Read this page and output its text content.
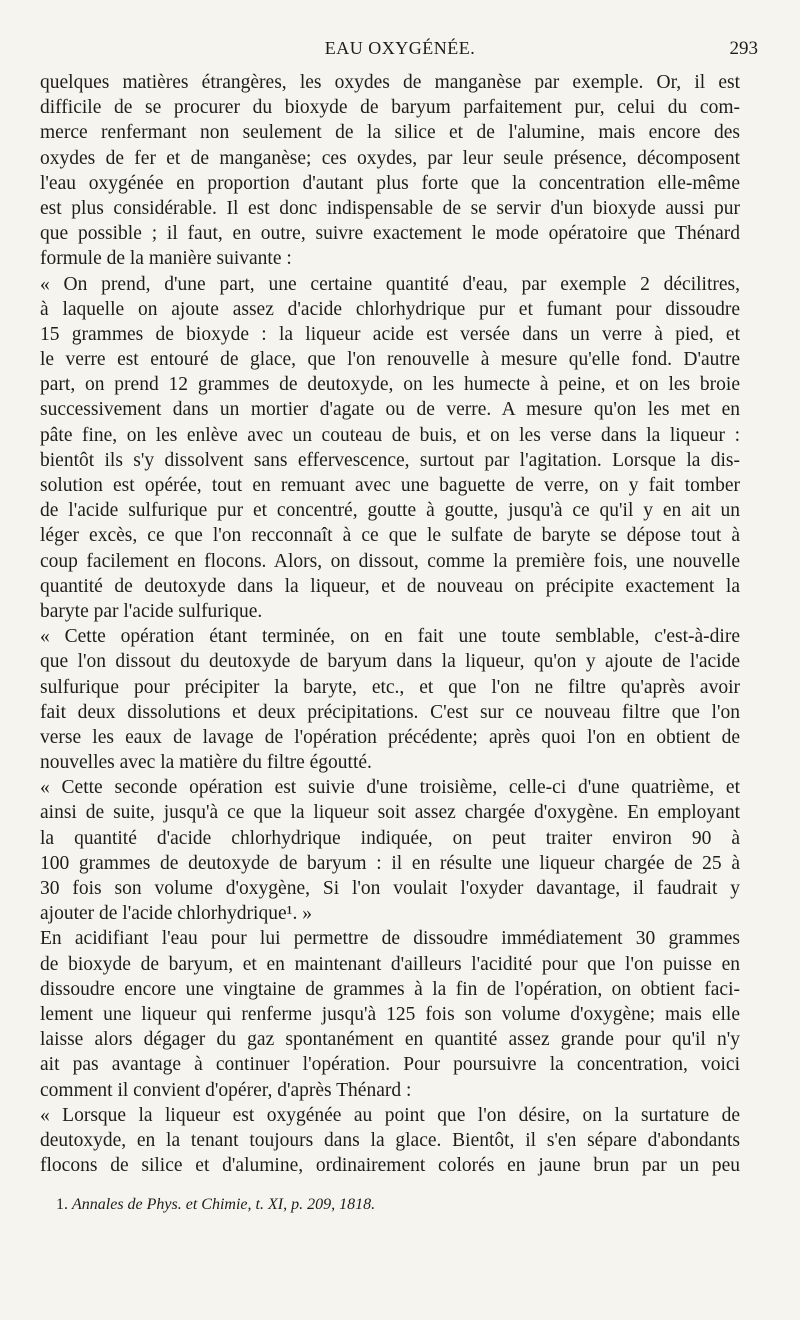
EAU OXYGÉNÉE.	293
quelques matières étrangères, les oxydes de manganèse par exemple. Or, il est
difficile de se procurer du bioxyde de baryum parfaitement pur, celui du com-
merce renfermant non seulement de la silice et de l'alumine, mais encore des
oxydes de fer et de manganèse; ces oxydes, par leur seule présence, décomposent
l'eau oxygénée en proportion d'autant plus forte que la concentration elle-même
est plus considérable. Il est donc indispensable de se servir d'un bioxyde aussi pur
que possible ; il faut, en outre, suivre exactement le mode opératoire que Thénard
formule de la manière suivante :
« On prend, d'une part, une certaine quantité d'eau, par exemple 2 décilitres,
à laquelle on ajoute assez d'acide chlorhydrique pur et fumant pour dissoudre
15 grammes de bioxyde : la liqueur acide est versée dans un verre à pied, et
le verre est entouré de glace, que l'on renouvelle à mesure qu'elle fond. D'autre
part, on prend 12 grammes de deutoxyde, on les humecte à peine, et on les broie
successivement dans un mortier d'agate ou de verre. A mesure qu'on les met en
pâte fine, on les enlève avec un couteau de buis, et on les verse dans la liqueur :
bientôt ils s'y dissolvent sans effervescence, surtout par l'agitation. Lorsque la dis-
solution est opérée, tout en remuant avec une baguette de verre, on y fait tomber
de l'acide sulfurique pur et concentré, goutte à goutte, jusqu'à ce qu'il y en ait un
léger excès, ce que l'on recconnaît à ce que le sulfate de baryte se dépose tout à
coup facilement en flocons. Alors, on dissout, comme la première fois, une nouvelle
quantité de deutoxyde dans la liqueur, et de nouveau on précipite exactement la
baryte par l'acide sulfurique.
« Cette opération étant terminée, on en fait une toute semblable, c'est-à-dire
que l'on dissout du deutoxyde de baryum dans la liqueur, qu'on y ajoute de l'acide
sulfurique pour précipiter la baryte, etc., et que l'on ne filtre qu'après avoir
fait deux dissolutions et deux précipitations. C'est sur ce nouveau filtre que l'on
verse les eaux de lavage de l'opération précédente; après quoi l'on en obtient de
nouvelles avec la matière du filtre égoutté.
« Cette seconde opération est suivie d'une troisième, celle-ci d'une quatrième, et
ainsi de suite, jusqu'à ce que la liqueur soit assez chargée d'oxygène. En employant
la quantité d'acide chlorhydrique indiquée, on peut traiter environ 90 à
100 grammes de deutoxyde de baryum : il en résulte une liqueur chargée de 25 à
30 fois son volume d'oxygène, Si l'on voulait l'oxyder davantage, il faudrait y
ajouter de l'acide chlorhydrique¹. »
En acidifiant l'eau pour lui permettre de dissoudre immédiatement 30 grammes
de bioxyde de baryum, et en maintenant d'ailleurs l'acidité pour que l'on puisse en
dissoudre encore une vingtaine de grammes à la fin de l'opération, on obtient faci-
lement une liqueur qui renferme jusqu'à 125 fois son volume d'oxygène; mais elle
laisse alors dégager du gaz spontanément en quantité assez grande pour qu'il n'y
ait pas avantage à continuer l'opération. Pour poursuivre la concentration, voici
comment il convient d'opérer, d'après Thénard :
« Lorsque la liqueur est oxygénée au point que l'on désire, on la surtature de
deutoxyde, en la tenant toujours dans la glace. Bientôt, il s'en sépare d'abondants
flocons de silice et d'alumine, ordinairement colorés en jaune brun par un peu
1. Annales de Phys. et Chimie, t. XI, p. 209, 1818.
